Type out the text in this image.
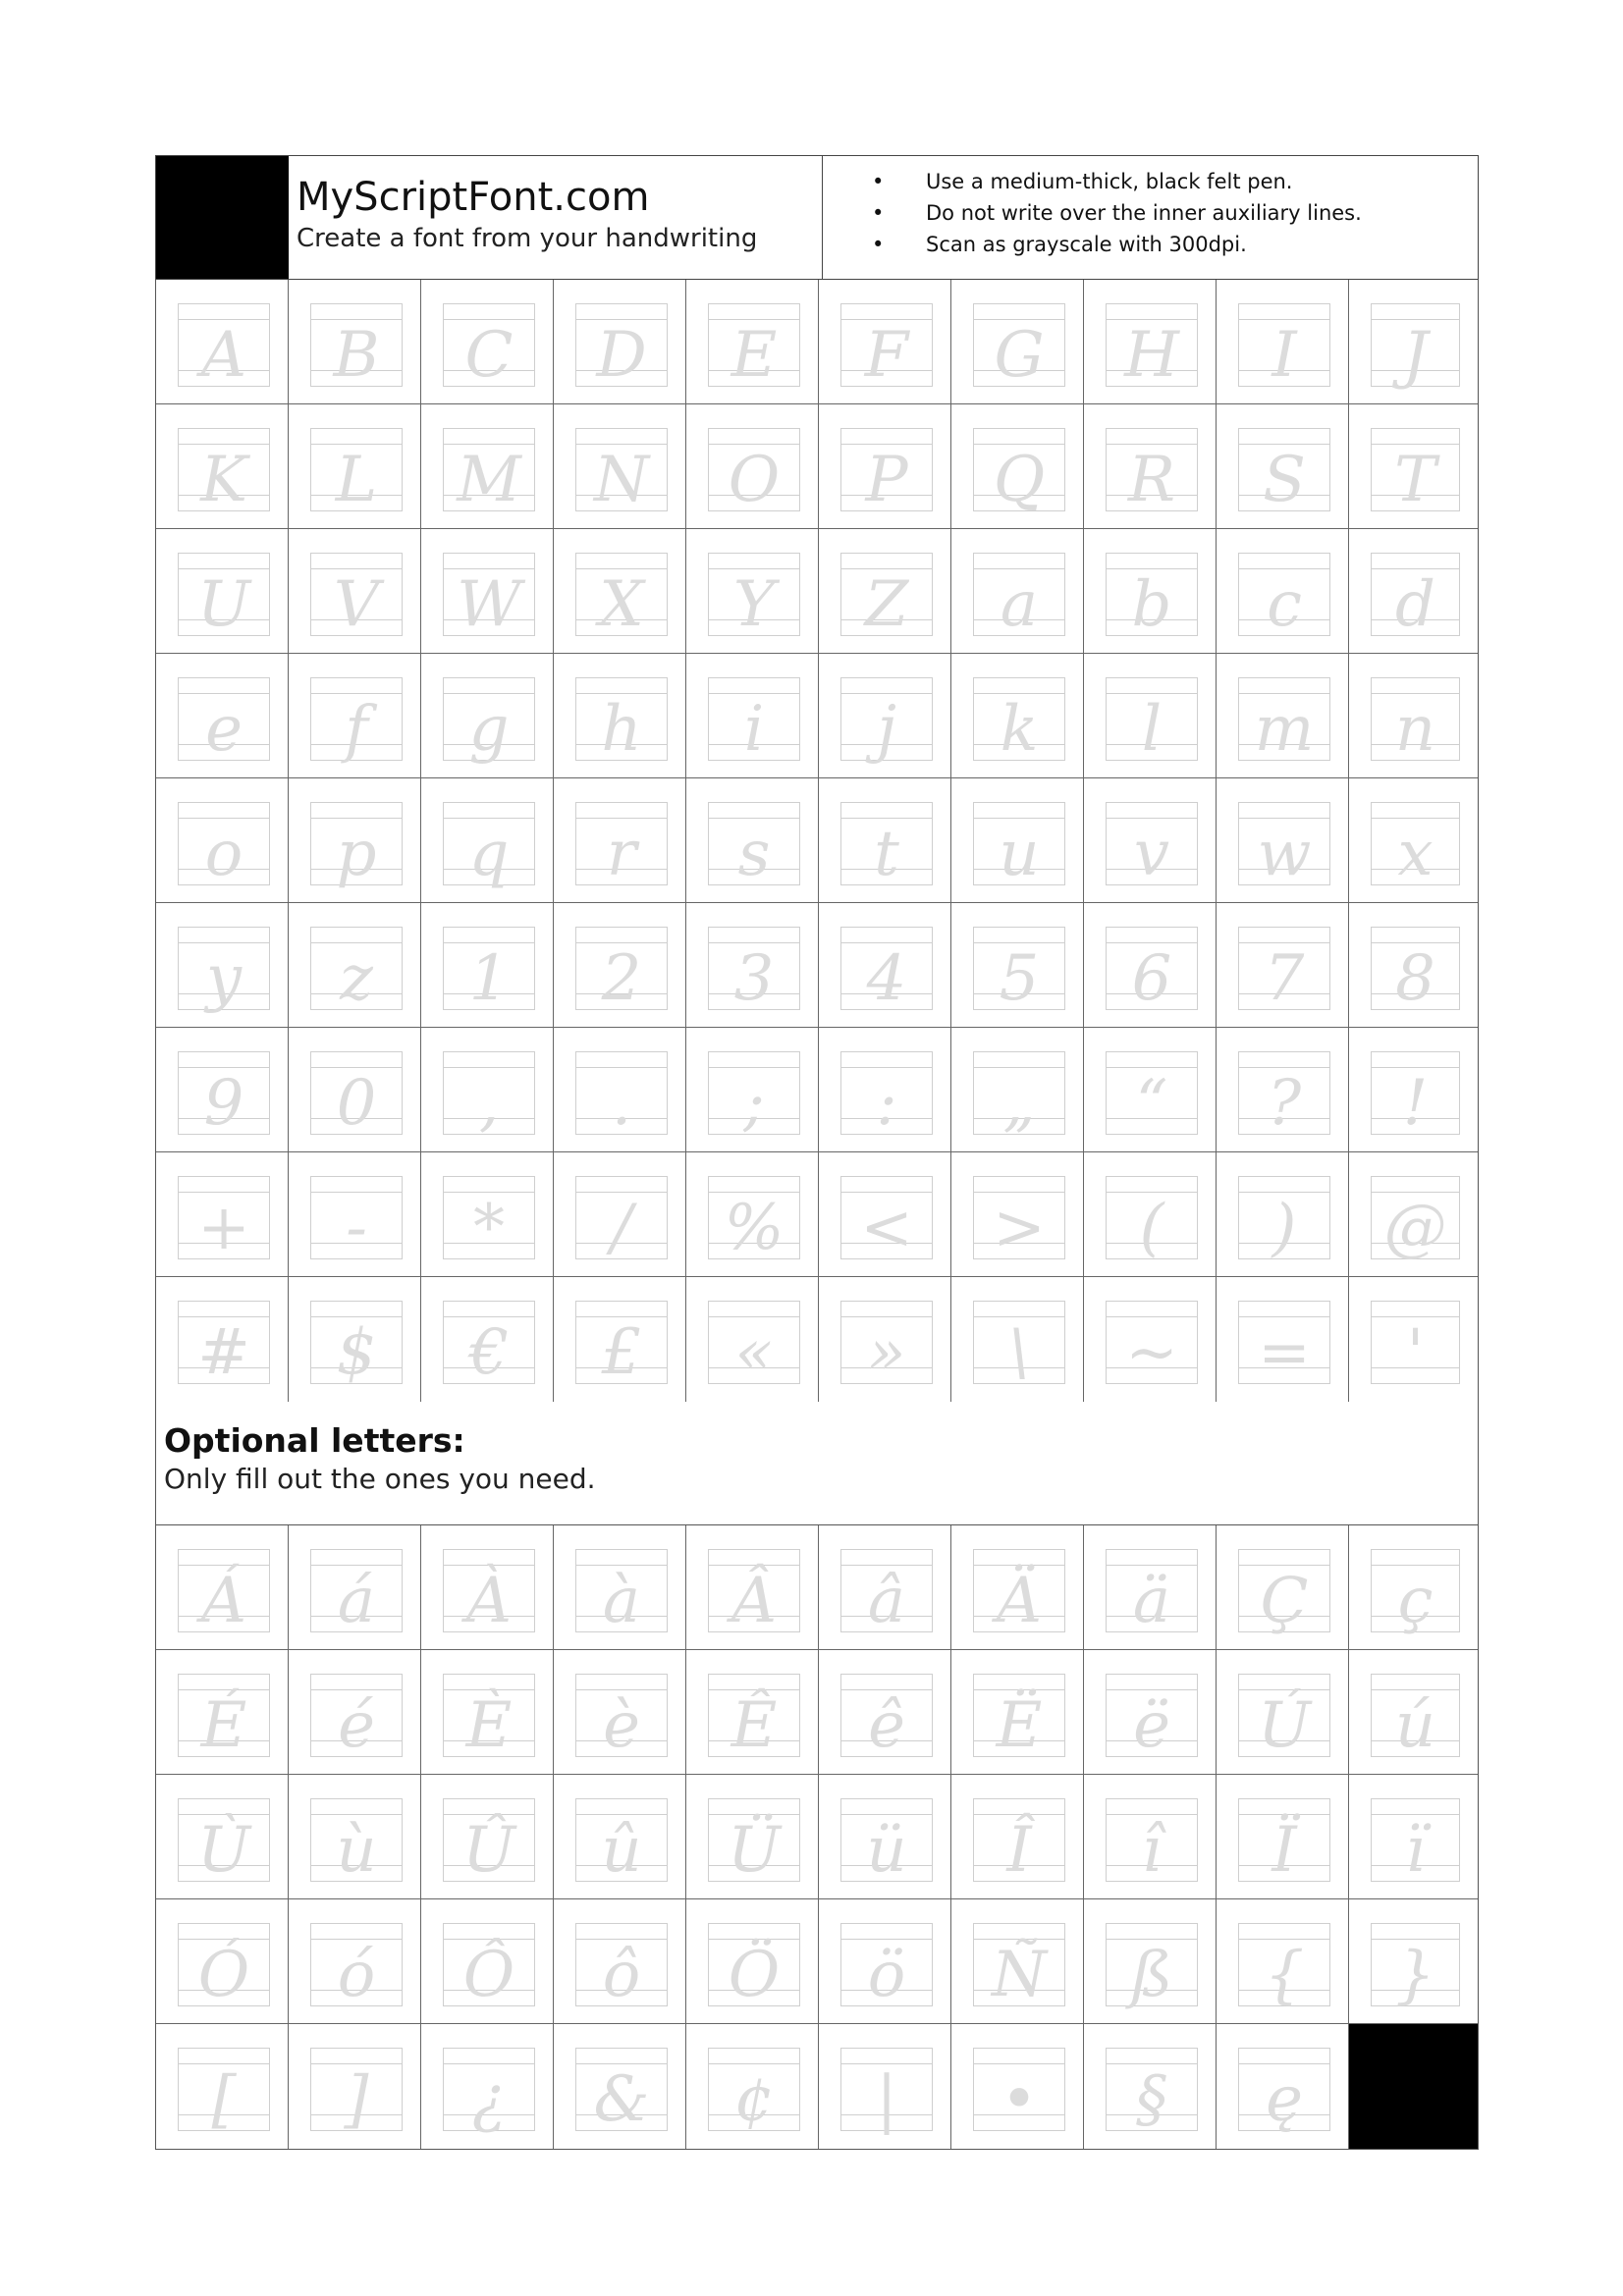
MyScriptFont.com
Create a font from your handwriting
• Use a medium-thick, black felt pen.
• Do not write over the inner auxiliary lines.
• Scan as grayscale with 300dpi.
A	B	C	D	E	F	G	H	I	J
K	L	M N	O	P	Q	R	S	T
U	V	W	X	Y	Z	a	b	c	d
e	f	g	h	i	j	k	l	m	n
o	p	q	r	s	t	u	v	w	x
y	z	1	2	3	4	5	6	7	8
9	0	,	.	;	:	„	“	?	!
+	-	*	/	%	<	>	(	)	@
#	$	€	£	«	»	\	~	=	'
Optional letters:
Only fill out the ones you need.
Á	á	À	à	Â	â	Ä	ä	Ç	ç
É	é	È	è	Ê	ê	Ë	ë	Ú	ú
Ù	ù	Û	û	Ü	ü	Î	î	Ï	ï
Ó	ó	Ô	ô	Ö	ö	Ñ	ß	{	}
[	]	¿	&	¢	|	•	§	ę
